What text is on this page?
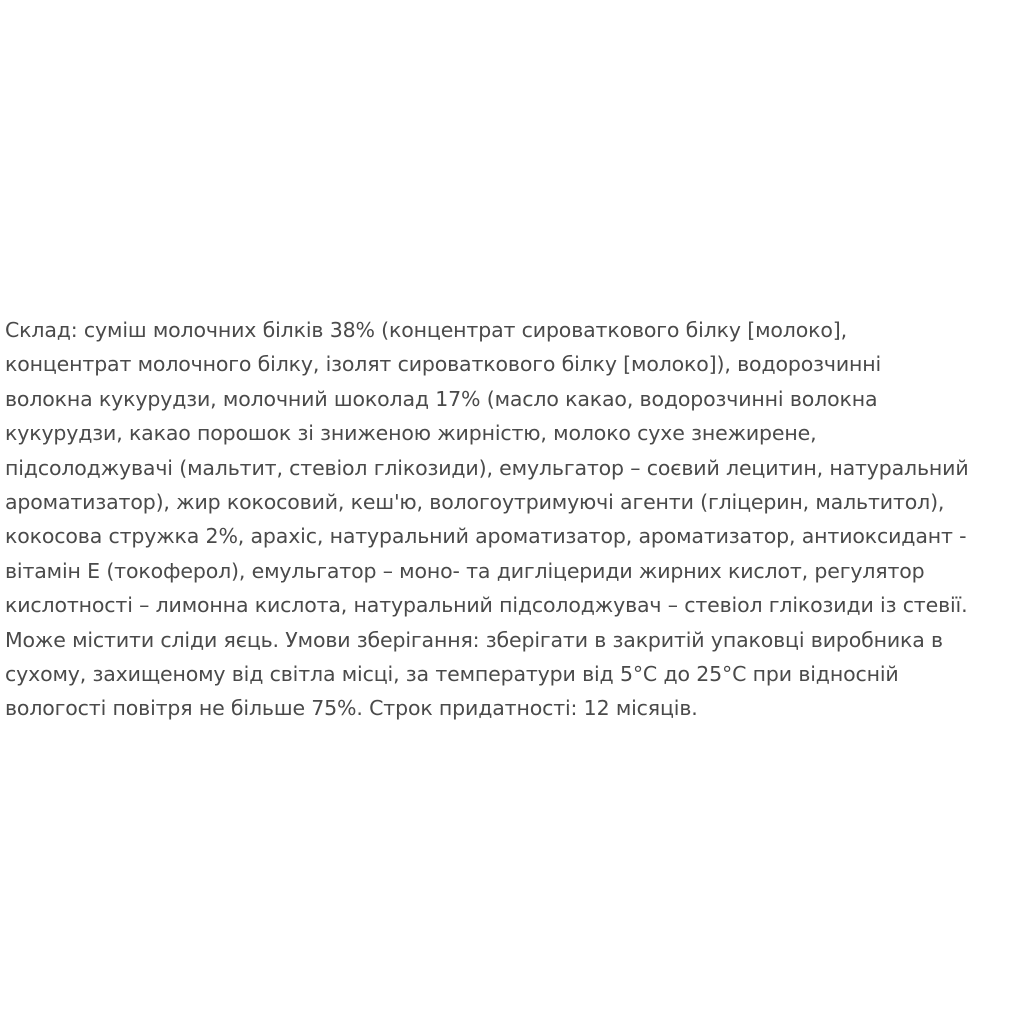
Склад: суміш молочних білків 38% (концентрат сироваткового білку [молоко],
концентрат молочного білку, ізолят сироваткового білку [молоко]), водорозчинні
волокна кукурудзи, молочний шоколад 17% (масло какао, водорозчинні волокна
кукурудзи, какао порошок зі зниженою жирністю, молоко сухе знежирене,
підсолоджувачі (мальтит, стевіол глікозиди), емульгатор – соєвий лецитин, натуральний
ароматизатор), жир кокосовий, кеш'ю, вологоутримуючі агенти (гліцерин, мальтитол),
кокосова стружка 2%, арахіс, натуральний ароматизатор, ароматизатор, антиоксидант -
вітамін Е (токоферол), емульгатор – моно- та дигліцериди жирних кислот, регулятор
кислотності – лимонна кислота, натуральний підсолоджувач – стевіол глікозиди із стевії.
Може містити сліди яєць. Умови зберігання: зберігати в закритій упаковці виробника в
сухому, захищеному від світла місці, за температури від 5°С до 25°С при відносній
вологості повітря не більше 75%. Строк придатності: 12 місяців.
